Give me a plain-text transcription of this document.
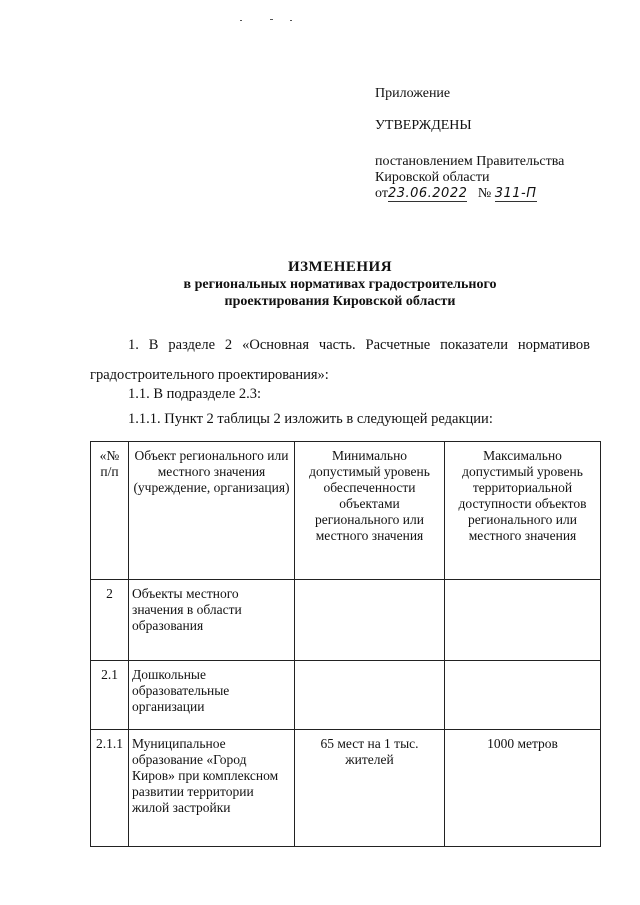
Приложение
УТВЕРЖДЕНЫ
постановлением Правительства
Кировской области
от23.06.2022 № 311-П
ИЗМЕНЕНИЯ
в региональных нормативах градостроительного
проектирования Кировской области
1. В разделе 2 «Основная часть. Расчетные показатели нормативов
градостроительного проектирования»:
1.1. В подразделе 2.3:
1.1.1. Пункт 2 таблицы 2 изложить в следующей редакции:
«№ п/п	Объект регионального или местного значения (учреждение, организация)	Минимально допустимый уровень обеспеченности объектами регионального или местного значения	Максимально допустимый уровень территориальной доступности объектов регионального или местного значения
2	Объекты местного значения в области образования		
2.1	Дошкольные образовательные организации		
2.1.1	Муниципальное образование «Город Киров» при комплексном развитии территории жилой застройки	65 мест на 1 тыс. жителей	1000 метров
